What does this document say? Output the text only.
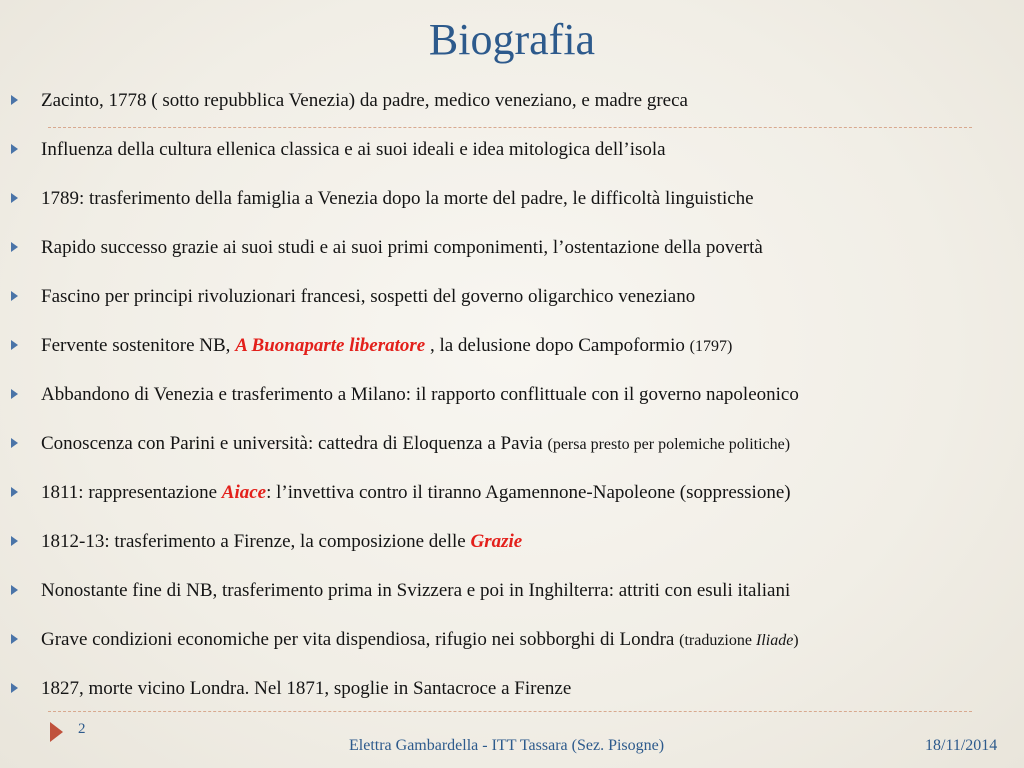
Biografia
Zacinto, 1778 ( sotto repubblica Venezia) da padre, medico veneziano, e madre greca
Influenza della cultura ellenica classica e ai suoi ideali e idea mitologica dell’isola
1789: trasferimento della famiglia a Venezia dopo la morte del padre, le difficoltà linguistiche
Rapido successo grazie ai suoi studi e ai suoi primi componimenti, l’ostentazione della povertà
Fascino per principi rivoluzionari francesi, sospetti del governo oligarchico veneziano
Fervente sostenitore NB, A Buonaparte liberatore , la delusione dopo Campoformio (1797)
Abbandono di Venezia e trasferimento a Milano: il rapporto conflittuale con il governo napoleonico
Conoscenza con Parini e università: cattedra di Eloquenza a Pavia (persa presto per polemiche politiche)
1811: rappresentazione Aiace: l’invettiva contro il tiranno Agamennone-Napoleone (soppressione)
1812-13: trasferimento a Firenze, la composizione delle Grazie
Nonostante fine di NB, trasferimento prima in Svizzera e poi in Inghilterra: attriti con esuli italiani
Grave condizioni economiche per vita dispendiosa, rifugio nei sobborghi di Londra (traduzione Iliade)
1827, morte vicino Londra. Nel 1871, spoglie in Santacroce a Firenze
2
Elettra Gambardella - ITT Tassara (Sez. Pisogne)	18/11/2014
